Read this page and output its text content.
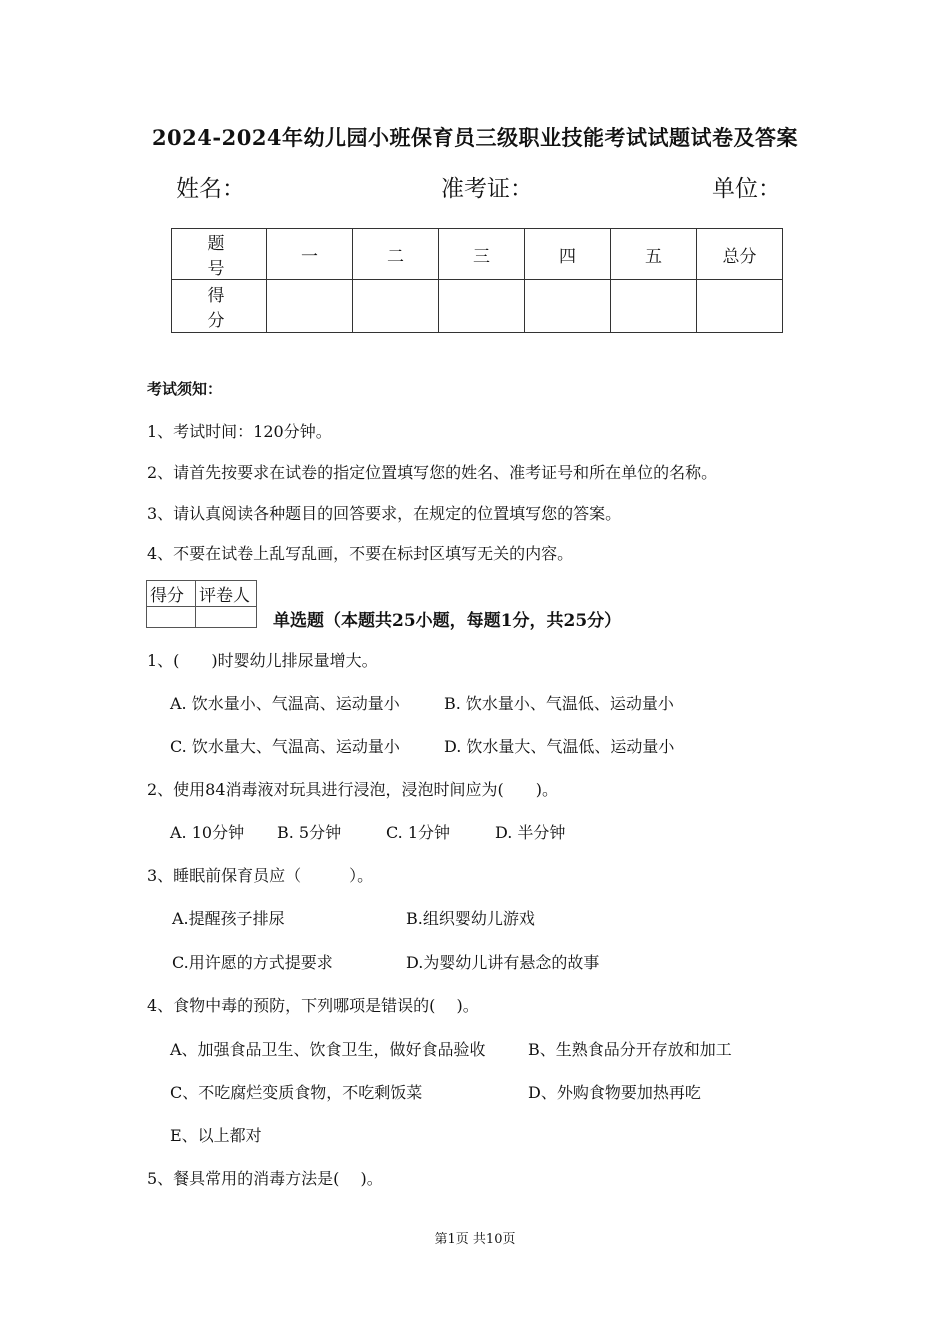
2024-2024年幼儿园小班保育员三级职业技能考试试题试卷及答案
姓名：	准考证：	单位：
题　号	一	二	三	四	五	总分
得　分						
考试须知：
1、考试时间：120分钟。
2、请首先按要求在试卷的指定位置填写您的姓名、准考证号和所在单位的名称。
3、请认真阅读各种题目的回答要求，在规定的位置填写您的答案。
4、不要在试卷上乱写乱画，不要在标封区填写无关的内容。
得分	评卷人

单选题（本题共25小题，每题1分，共25分）
1、(　　)时婴幼儿排尿量增大。
A. 饮水量小、气温高、运动量小	B. 饮水量小、气温低、运动量小
C. 饮水量大、气温高、运动量小	D. 饮水量大、气温低、运动量小
2、使用84消毒液对玩具进行浸泡，浸泡时间应为(　　)。
A. 10分钟 B. 5分钟	C. 1分钟	D. 半分钟
3、睡眠前保育员应（　　　）。
A.提醒孩子排尿	B.组织婴幼儿游戏
C.用许愿的方式提要求	D.为婴幼儿讲有悬念的故事
4、食物中毒的预防，下列哪项是错误的(　 )。
A、加强食品卫生、饮食卫生，做好食品验收	B、生熟食品分开存放和加工
C、不吃腐烂变质食物，不吃剩饭菜	D、外购食物要加热再吃
E、以上都对
5、餐具常用的消毒方法是(　 )。
第1页 共10页
